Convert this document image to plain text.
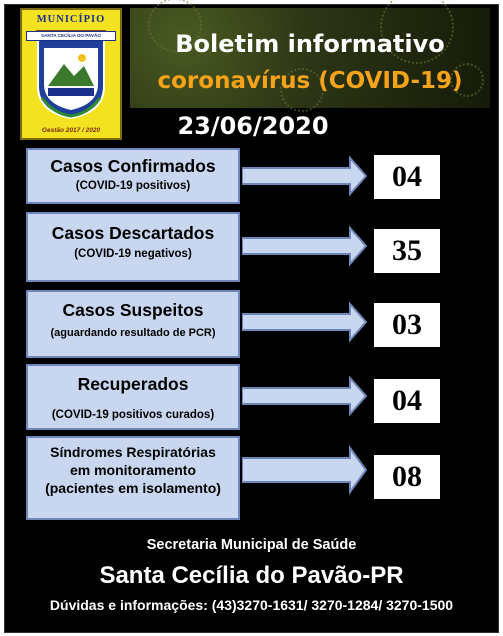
MUNICÍPIO
SANTA CECÍLIA DO PAVÃO
Gestão 2017 / 2020
Boletim informativo
coronavírus (COVID-19)
23/06/2020
Casos Confirmados
(COVID-19 positivos)	04
Casos Descartados
(COVID-19 negativos)	35
Casos Suspeitos
(aguardando resultado de PCR)	03
Recuperados
(COVID-19 positivos curados)	04
Síndromes Respiratórias
em monitoramento
(pacientes em isolamento)	08
Secretaria Municipal de Saúde
Santa Cecília do Pavão-PR
Dúvidas e informações: (43)3270-1631/ 3270-1284/ 3270-1500
